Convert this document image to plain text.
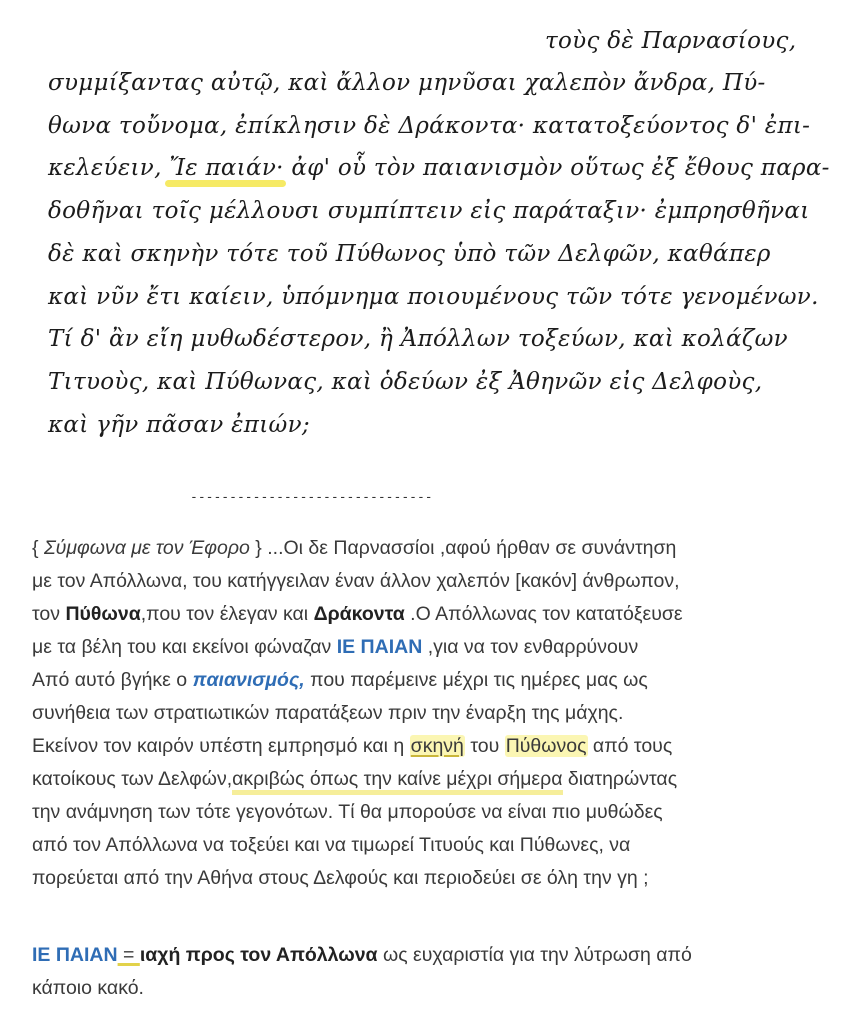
τοὺς δὲ Παρνασίους,
συμμίξαντας αὐτῷ, καὶ ἄλλον μηνῦσαι χαλεπὸν ἄνδρα, Πύ-
θωνα τοὔνομα, ἐπίκλησιν δὲ Δράκοντα· κατατοξεύοντος δ' ἐπι-
κελεύειν, Ἴε παιάν· ἀφ' οὗ τὸν παιανισμὸν οὕτως ἐξ ἔθους παρα-
δοθῆναι τοῖς μέλλουσι συμπίπτειν εἰς παράταξιν· ἐμπρησθῆναι
δὲ καὶ σκηνὴν τότε τοῦ Πύθωνος ὑπὸ τῶν Δελφῶν, καθάπερ
καὶ νῦν ἔτι καίειν, ὑπόμνημα ποιουμένους τῶν τότε γενομένων.
Τί δ' ἂν εἴη μυθωδέστερον, ἢ Ἀπόλλων τοξεύων, καὶ κολάζων
Τιτυοὺς, καὶ Πύθωνας, καὶ ὁδεύων ἐξ Ἀθηνῶν εἰς Δελφοὺς,
καὶ γῆν πᾶσαν ἐπιών;
-------------------------------
{ Σύμφωνα με τον Έφορο } ...Οι δε Παρνασσίοι ,αφού ήρθαν σε συνάντηση
με τον Απόλλωνα, του κατήγγειλαν έναν άλλον χαλεπόν [κακόν] άνθρωπον,
τον Πύθωνα,που τον έλεγαν και Δράκοντα .Ο Απόλλωνας τον κατατόξευσε
με τα βέλη του και εκείνοι φώναζαν ΙΕ ΠΑΙΑΝ ,για να τον ενθαρρύνουν
Από αυτό βγήκε ο παιανισμός, που παρέμεινε μέχρι τις ημέρες μας ως
συνήθεια των στρατιωτικών παρατάξεων πριν την έναρξη της μάχης.
Εκείνον τον καιρόν υπέστη εμπρησμό και η σκηνή του Πύθωνος από τους
κατοίκους των Δελφών,ακριβώς όπως την καίνε μέχρι σήμερα διατηρώντας
την ανάμνηση των τότε γεγονότων. Τί θα μπορούσε να είναι πιο μυθώδες
από τον Απόλλωνα να τοξεύει και να τιμωρεί Τιτυούς και Πύθωνες, να
πορεύεται από την Αθήνα στους Δελφούς και περιοδεύει σε όλη την γη ;
ΙΕ ΠΑΙΑΝ = ιαχή προς τον Απόλλωνα ως ευχαριστία για την λύτρωση από
κάποιο κακό.
